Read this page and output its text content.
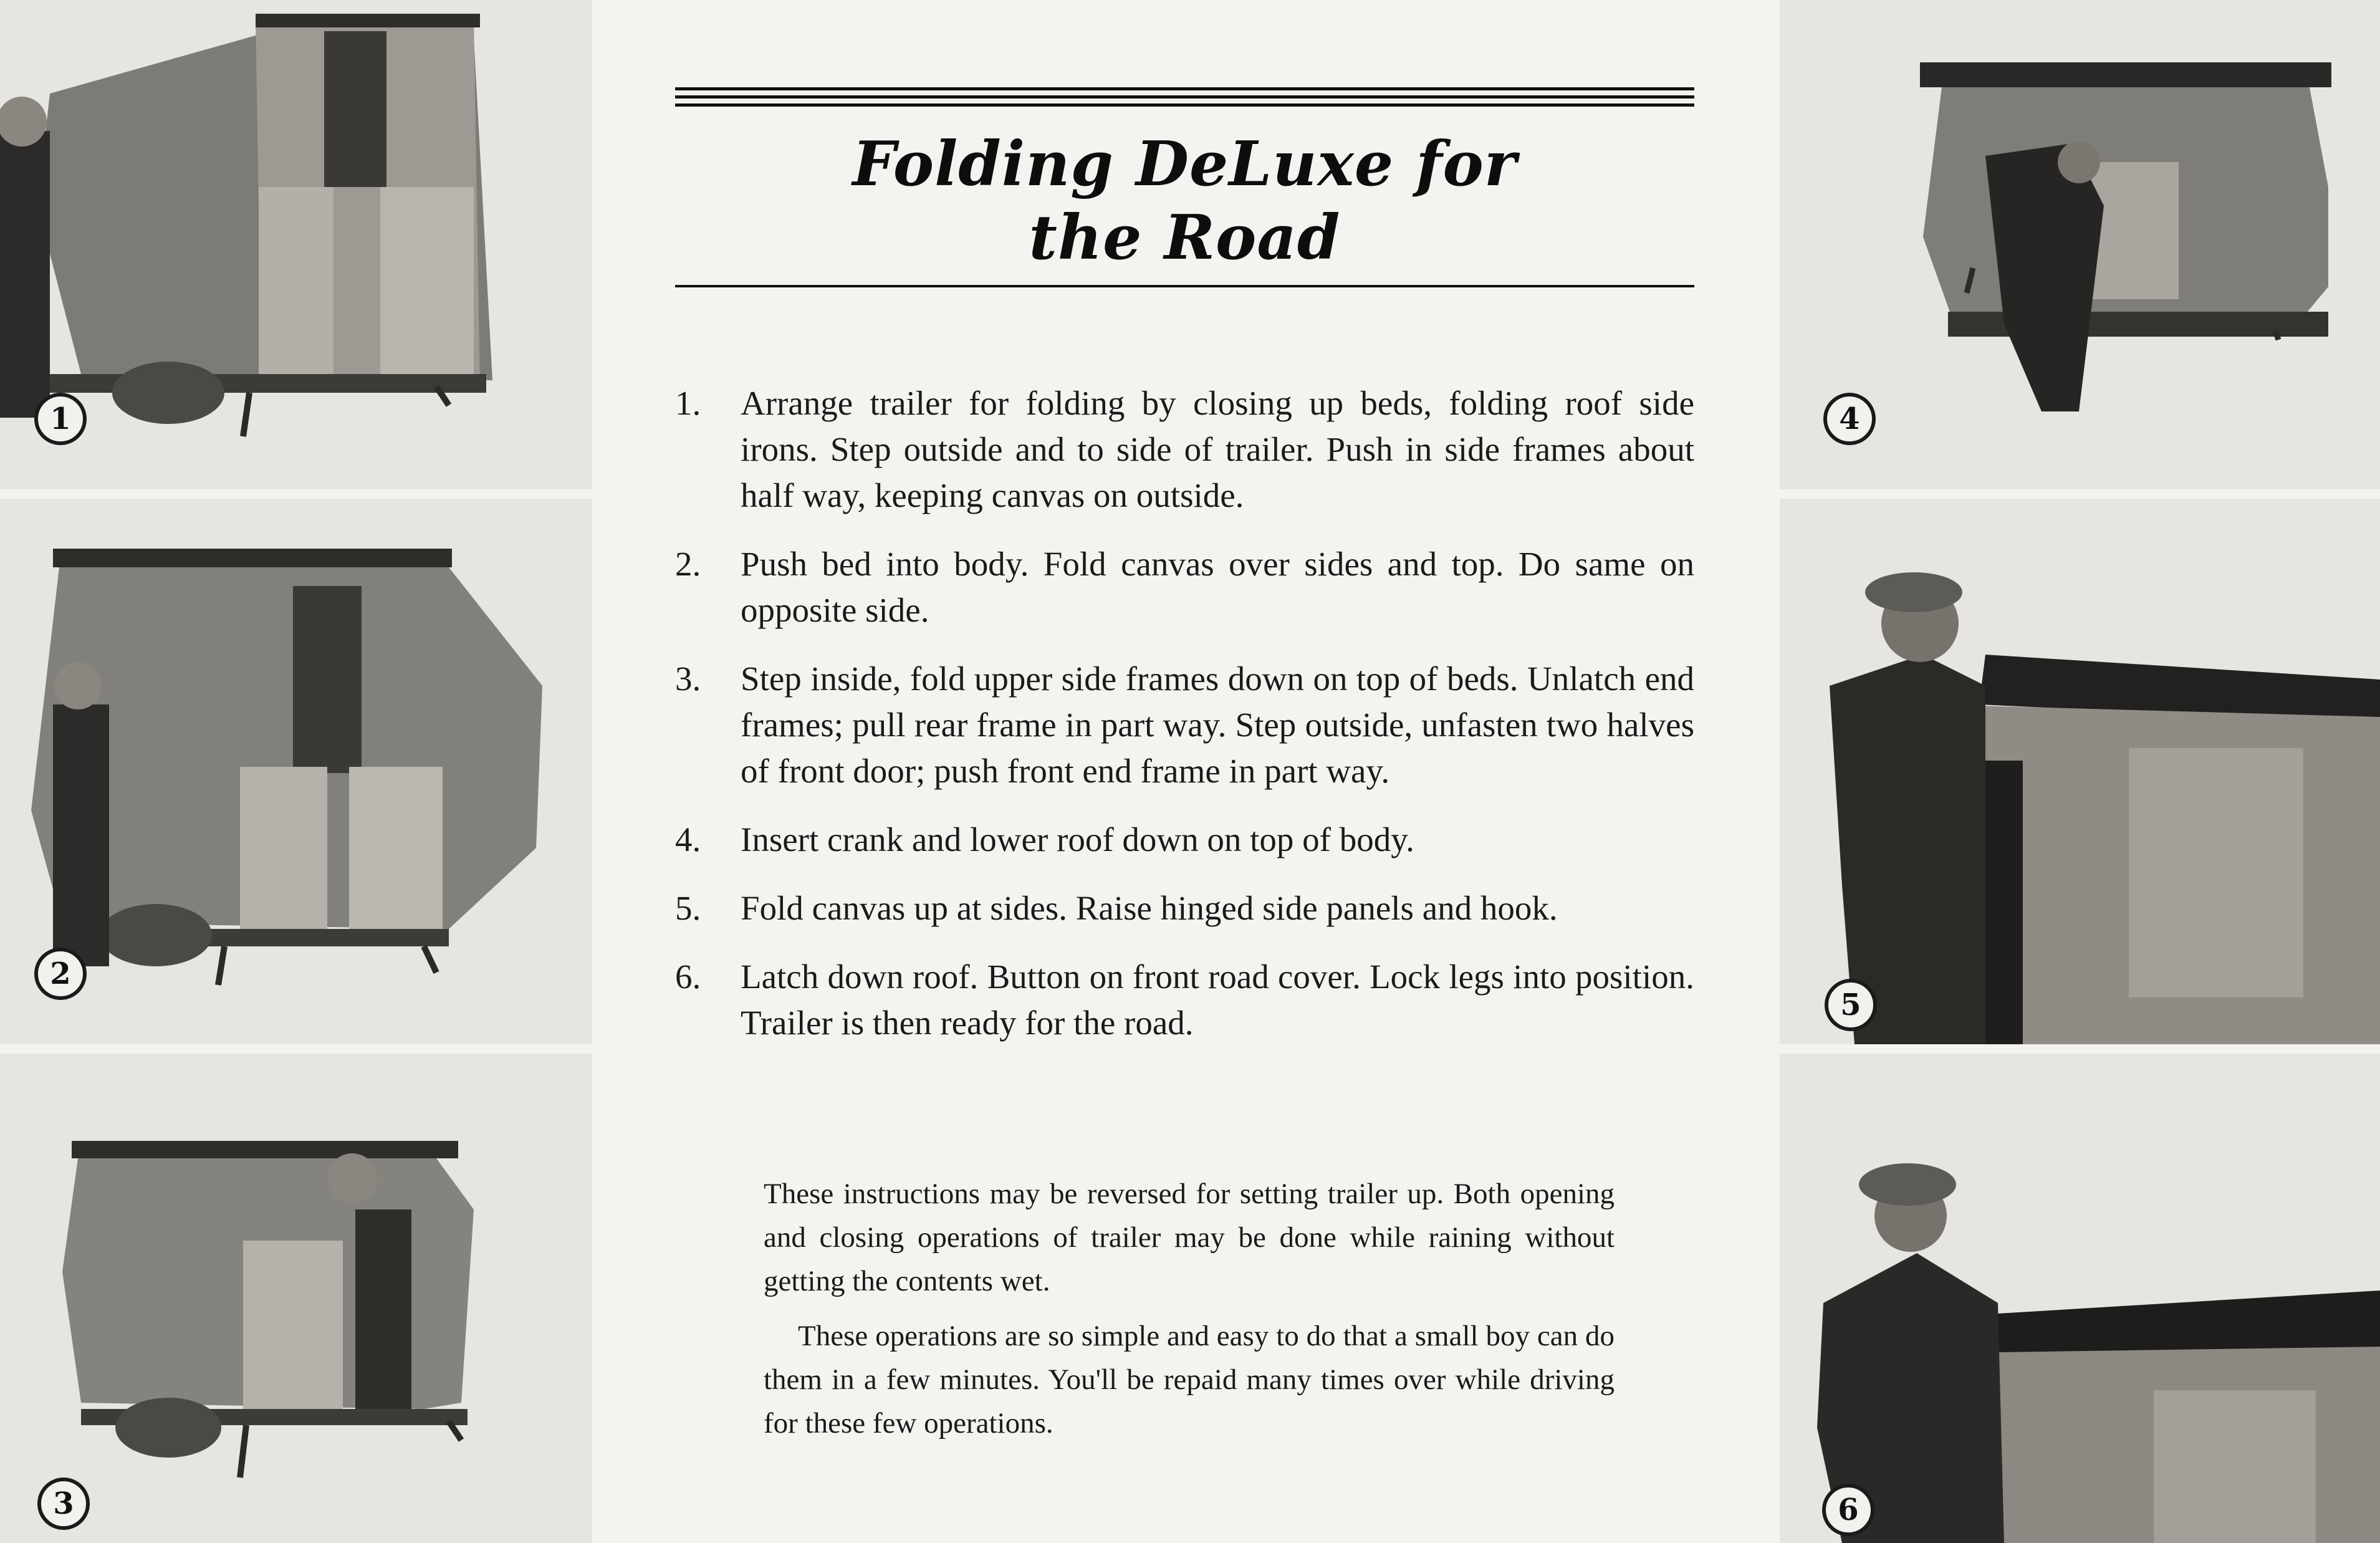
1
2
3
4
5
6
Folding DeLuxe for
the Road
1. Arrange trailer for folding by closing up beds, folding roof side irons. Step outside and to side of trailer. Push in side frames about half way, keeping canvas on outside.
2. Push bed into body. Fold canvas over sides and top. Do same on opposite side.
3. Step inside, fold upper side frames down on top of beds. Unlatch end frames; pull rear frame in part way. Step outside, unfasten two halves of front door; push front end frame in part way.
4. Insert crank and lower roof down on top of body.
5. Fold canvas up at sides. Raise hinged side panels and hook.
6. Latch down roof. Button on front road cover. Lock legs into position. Trailer is then ready for the road.

These instructions may be reversed for setting trailer up. Both opening and closing operations of trailer may be done while raining without getting the contents wet.

These operations are so simple and easy to do that a small boy can do them in a few minutes. You'll be repaid many times over while driving for these few operations.
